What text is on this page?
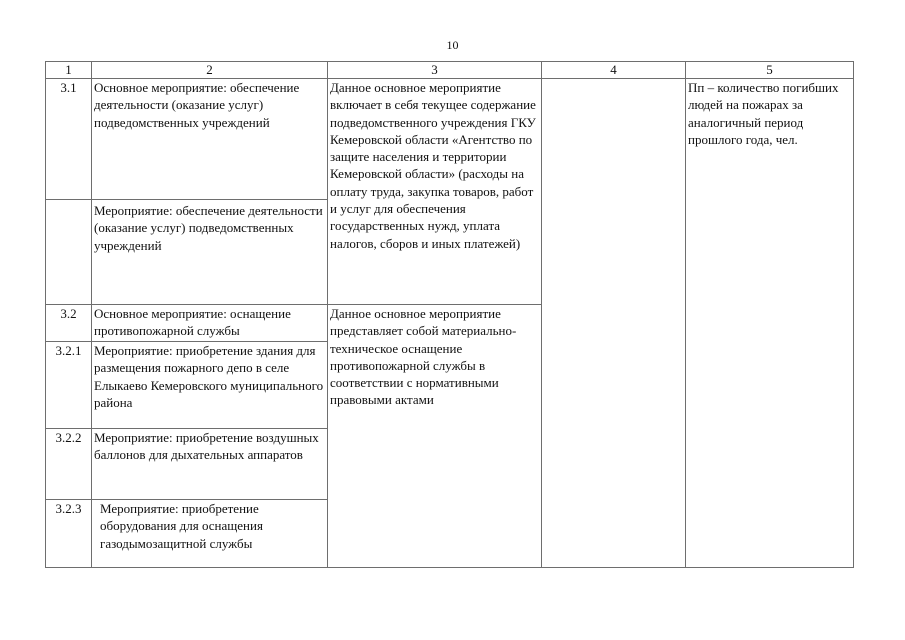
10
1	2	3	4	5
3.1	Основное мероприятие: обеспечение деятельности (оказание услуг) подведомственных учреждений	Данное основное мероприятие включает в себя текущее содержание подведомственного учреждения ГКУ Кемеровской области «Агентство по защите населения и территории Кемеровской области» (расходы на оплату труда, закупка товаров, работ и услуг для обеспечения государственных нужд, уплата налогов, сборов и иных платежей)		Пп – количество погибших людей на пожарах за аналогичный период прошлого года, чел.
	Мероприятие: обеспечение деятельности (оказание услуг) подведомственных учреждений			
3.2	Основное мероприятие: оснащение противопожарной службы	Данное основное мероприятие представляет собой материально-техническое оснащение противопожарной службы в соответствии с нормативными правовыми актами		
3.2.1	Мероприятие: приобретение здания для размещения пожарного депо в селе Елыкаево Кемеровского муниципального района			
3.2.2	Мероприятие: приобретение воздушных баллонов для дыхательных аппаратов			
3.2.3	Мероприятие: приобретение оборудования для оснащения газодымозащитной службы			
